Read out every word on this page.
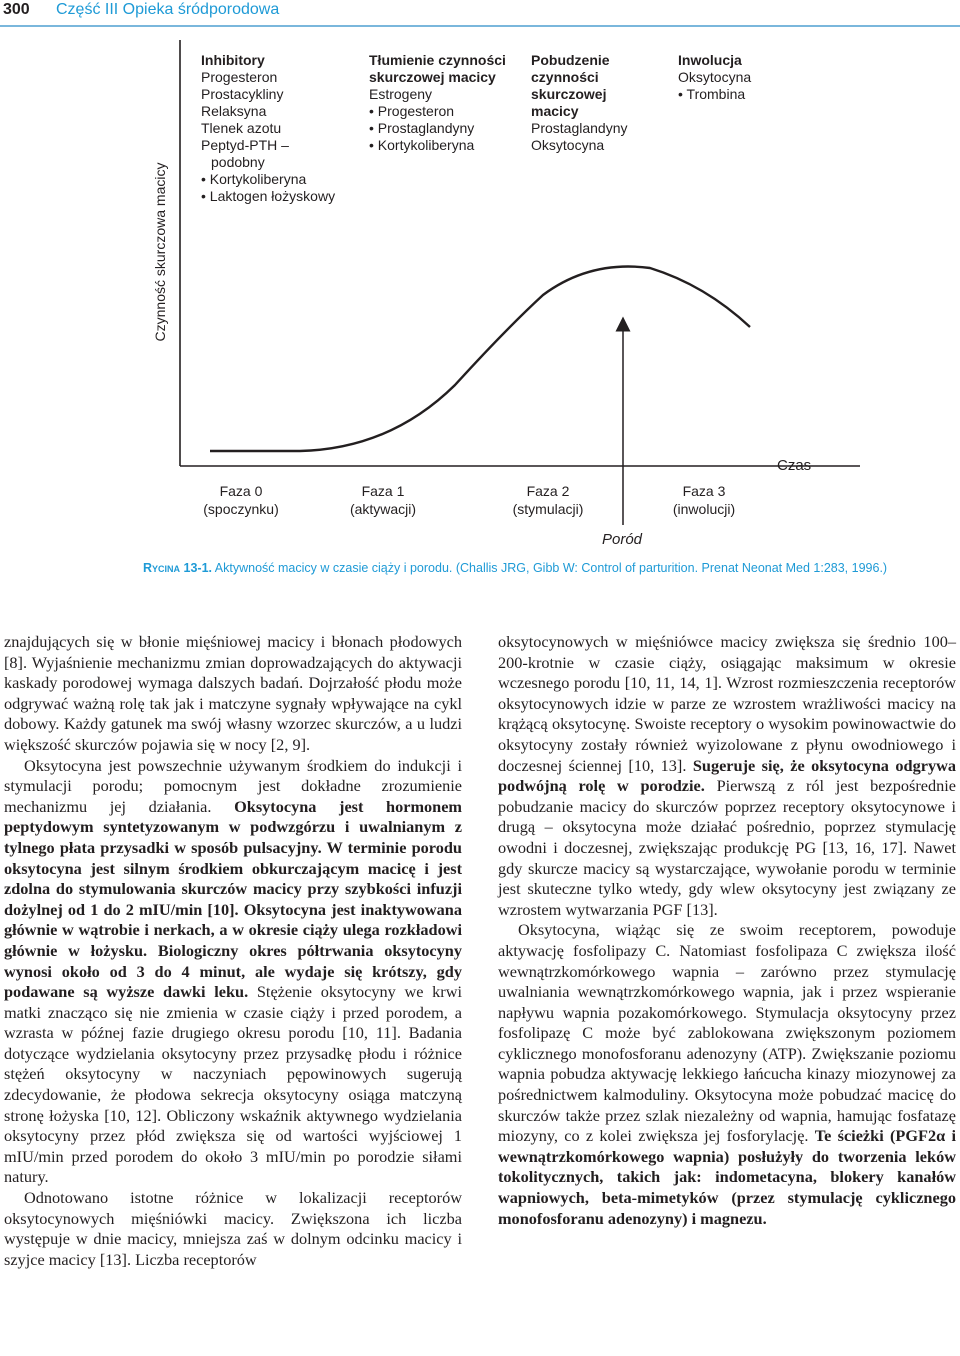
300 Część III Opieka śródporodowa
Czynność skurczowa macicy
Inhibitory
Progesteron
Prostacykliny
Relaksyna
Tlenek azotu
Peptyd-PTH –
podobny
• Kortykoliberyna
• Laktogen łożyskowy
Tłumienie czynności skurczowej macicy
Estrogeny
• Progesteron
• Prostaglandyny
• Kortykoliberyna
Pobudzenie czynności skurczowej macicy
Prostaglandyny
Oksytocyna
Inwolucja
Oksytocyna
• Trombina
Faza 0
(spoczynku)
Faza 1
(aktywacji)
Faza 2
(stymulacji)
Faza 3
(inwolucji)
Czas
Poród
Rycina 13-1. Aktywność macicy w czasie ciąży i porodu. (Challis JRG, Gibb W: Control of parturition. Prenat Neonat Med 1:283, 1996.)

znajdujących się w błonie mięśniowej macicy i błonach płodowych [8]. Wyjaśnienie mechanizmu zmian doprowadzających do aktywacji kaskady porodowej wymaga dalszych badań. Dojrzałość płodu może odgrywać ważną rolę tak jak i matczyne sygnały wpływające na cykl dobowy. Każdy gatunek ma swój własny wzorzec skurczów, a u ludzi większość skurczów pojawia się w nocy [2, 9].

Oksytocyna jest powszechnie używanym środkiem do indukcji i stymulacji porodu; pomocnym jest dokładne zrozumienie mechanizmu jej działania. Oksytocyna jest hormonem peptydowym syntetyzowanym w podwzgórzu i uwalnianym z tylnego płata przysadki w sposób pulsacyjny. W terminie porodu oksytocyna jest silnym środkiem obkurczającym macicę i jest zdolna do stymulowania skurczów macicy przy szybkości infuzji dożylnej od 1 do 2 mIU/min [10]. Oksytocyna jest inaktywowana głównie w wątrobie i nerkach, a w okresie ciąży ulega rozkładowi głównie w łożysku. Biologiczny okres półtrwania oksytocyny wynosi około od 3 do 4 minut, ale wydaje się krótszy, gdy podawane są wyższe dawki leku. Stężenie oksytocyny we krwi matki znacząco się nie zmienia w czasie ciąży i przed porodem, a wzrasta w późnej fazie drugiego okresu porodu [10, 11]. Badania dotyczące wydzielania oksytocyny przez przysadkę płodu i różnice stężeń oksytocyny w naczyniach pępowinowych sugerują zdecydowanie, że płodowa sekrecja oksytocyny osiąga matczyną stronę łożyska [10, 12]. Obliczony wskaźnik aktywnego wydzielania oksytocyny przez płód zwiększa się od wartości wyjściowej 1 mIU/min przed porodem do około 3 mIU/min po porodzie siłami natury.

Odnotowano istotne różnice w lokalizacji receptorów oksytocynowych mięśniówki macicy. Zwiększona ich liczba występuje w dnie macicy, mniejsza zaś w dolnym odcinku macicy i szyjce macicy [13]. Liczba receptorów

oksytocynowych w mięśniówce macicy zwiększa się średnio 100–200-krotnie w czasie ciąży, osiągając maksimum w okresie wczesnego porodu [10, 11, 14, 1]. Wzrost rozmieszczenia receptorów oksytocynowych idzie w parze ze wzrostem wrażliwości macicy na krążącą oksytocynę. Swoiste receptory o wysokim powinowactwie do oksytocyny zostały również wyizolowane z płynu owodniowego i doczesnej ściennej [10, 13]. Sugeruje się, że oksytocyna odgrywa podwójną rolę w porodzie. Pierwszą z ról jest bezpośrednie pobudzanie macicy do skurczów poprzez receptory oksytocynowe i drugą – oksytocyna może działać pośrednio, poprzez stymulację owodni i doczesnej, zwiększając produkcję PG [13, 16, 17]. Nawet gdy skurcze macicy są wystarczające, wywołanie porodu w terminie jest skuteczne tylko wtedy, gdy wlew oksytocyny jest związany ze wzrostem wytwarzania PGF [13].

Oksytocyna, wiążąc się ze swoim receptorem, powoduje aktywację fosfolipazy C. Natomiast fosfolipaza C zwiększa ilość wewnątrzkomórkowego wapnia – zarówno przez stymulację uwalniania wewnątrzkomórkowego wapnia, jak i przez wspieranie napływu wapnia pozakomórkowego. Stymulacja oksytocyny przez fosfolipazę C może być zablokowana zwiększonym poziomem cyklicznego monofosforanu adenozyny (ATP). Zwiększanie poziomu wapnia pobudza aktywację lekkiego łańcucha kinazy miozynowej za pośrednictwem kalmoduliny. Oksytocyna może pobudzać macicę do skurczów także przez szlak niezależny od wapnia, hamując fosfatazę miozyny, co z kolei zwiększa jej fosforylację. Te ścieżki (PGF2α i wewnątrzkomórkowego wapnia) posłużyły do tworzenia leków tokolitycznych, takich jak: indometacyna, blokery kanałów wapniowych, beta-mimetyków (przez stymulację cyklicznego monofosforanu adenozyny) i magnezu.
